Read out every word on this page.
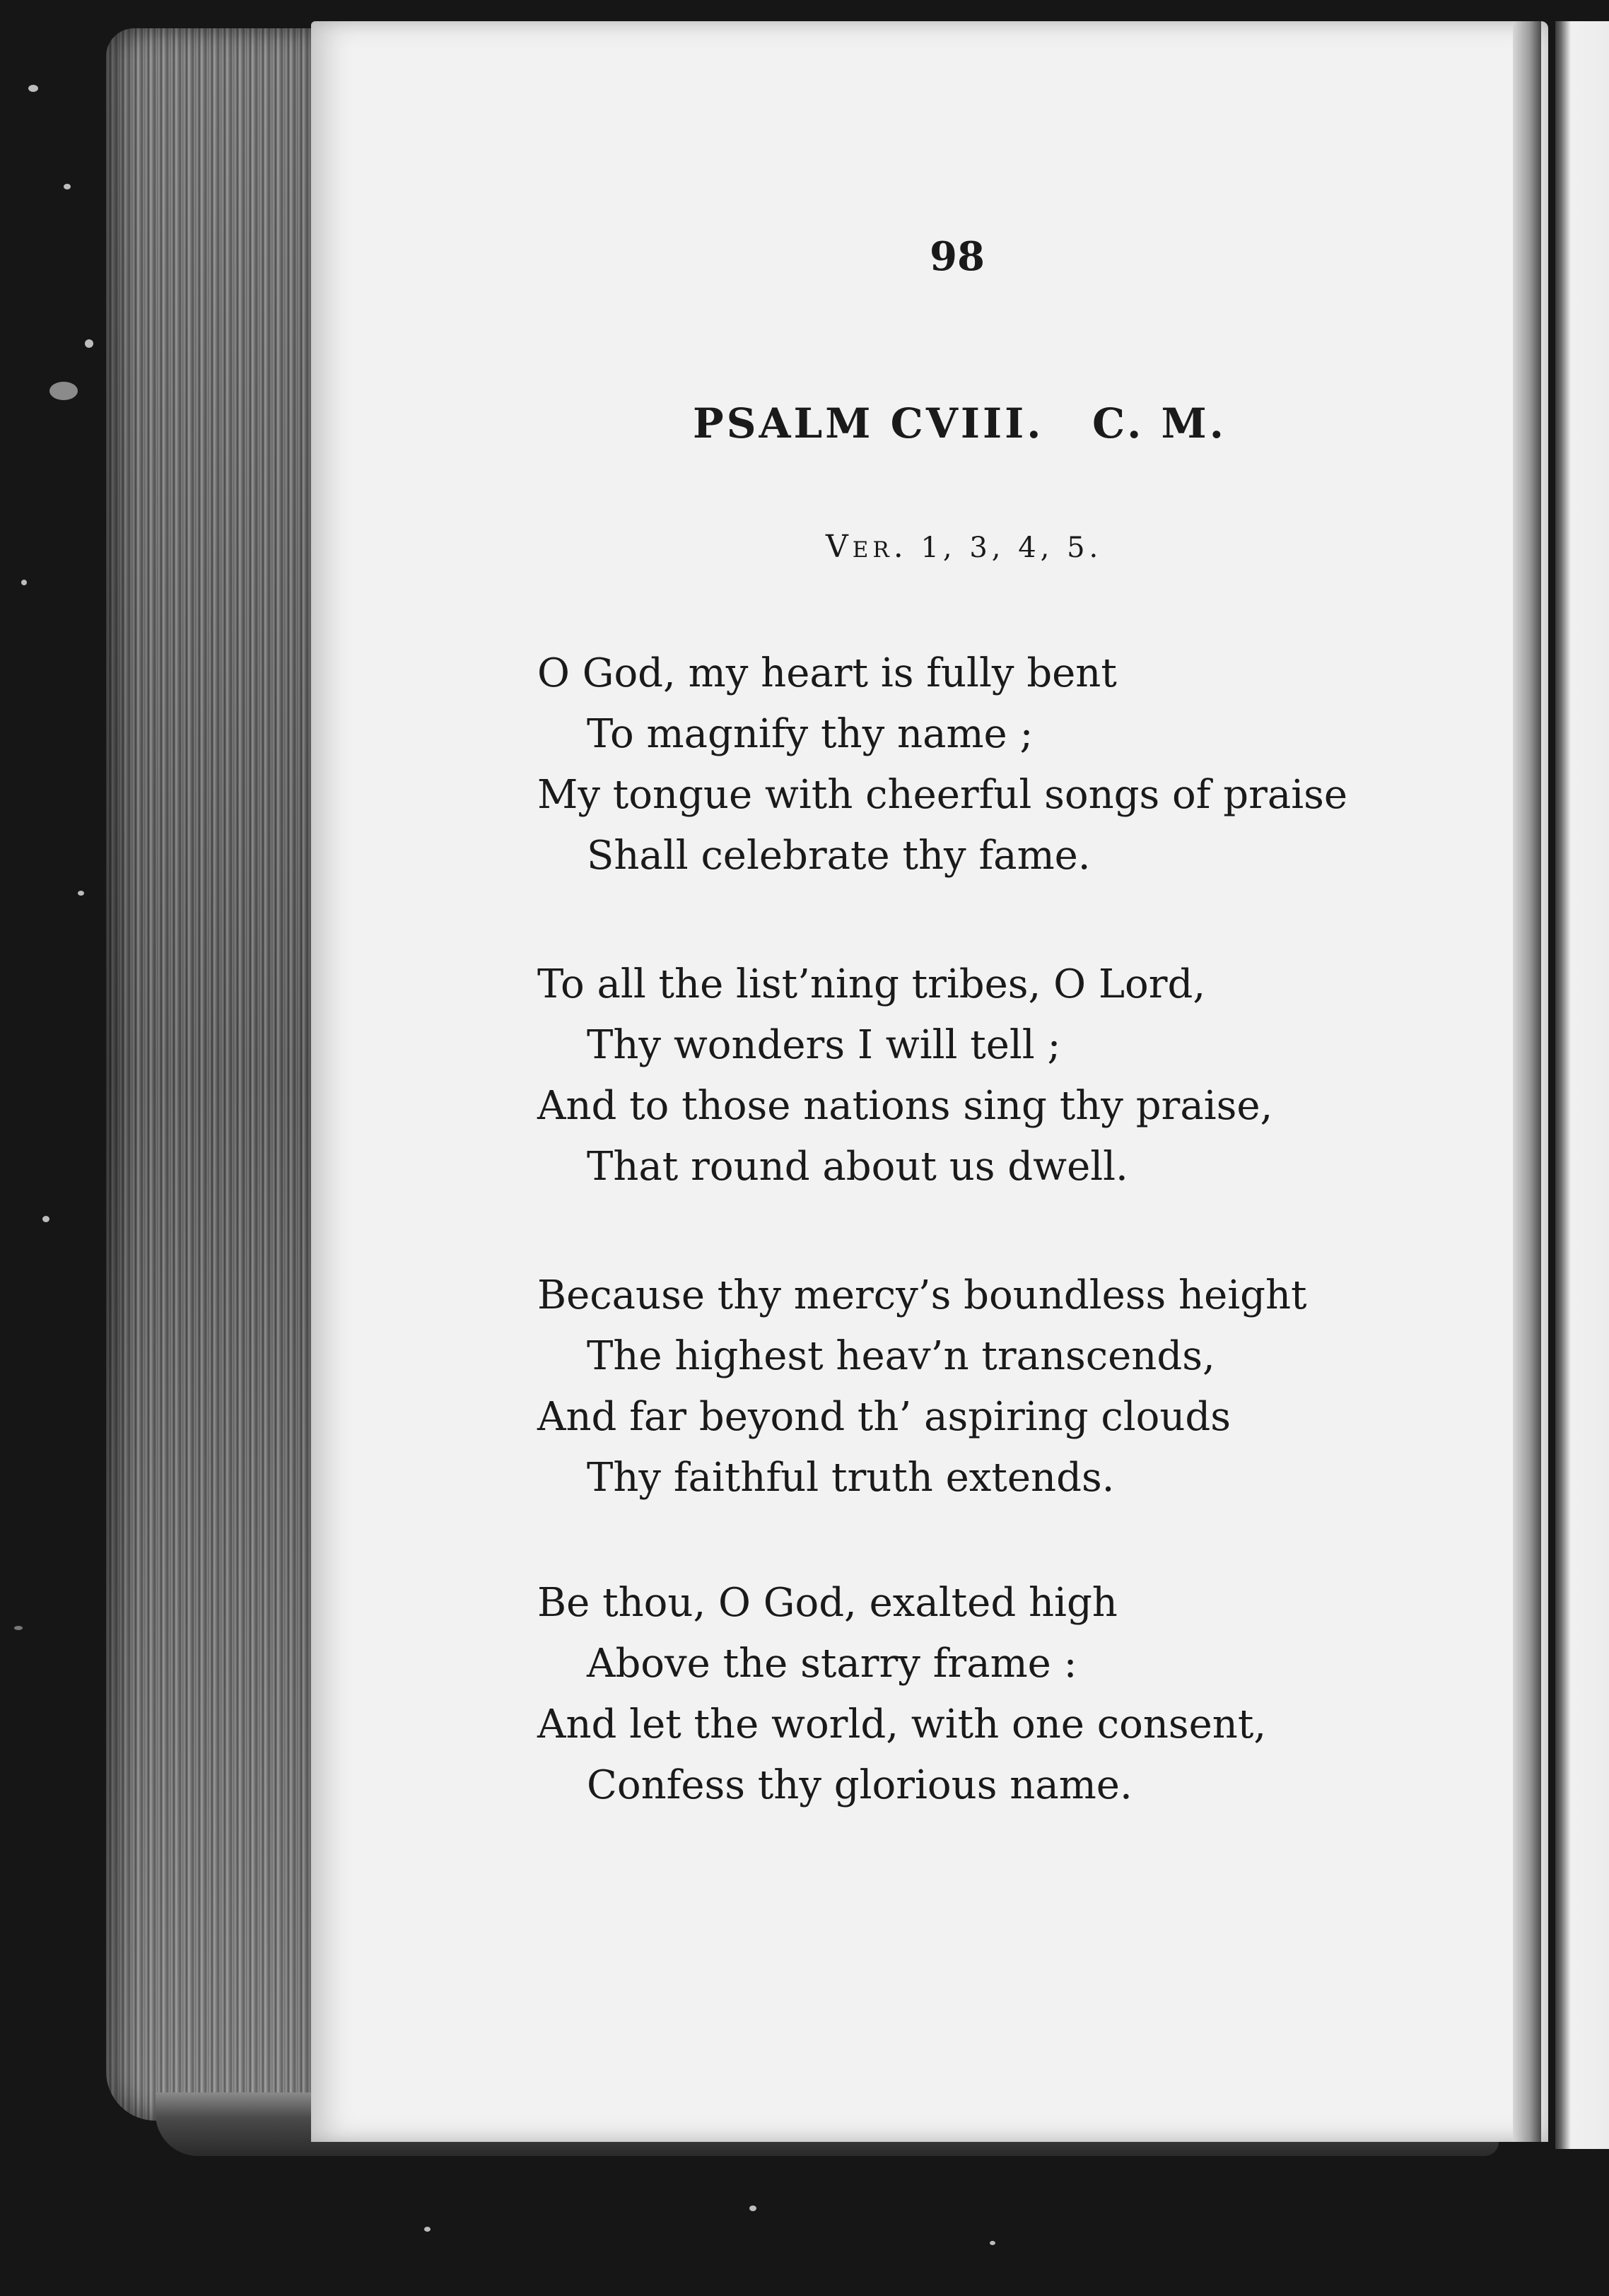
98
PSALM CVIII. C. M.
Ver. 1, 3, 4, 5.
O God, my heart is fully bent
To magnify thy name ;
My tongue with cheerful songs of praise
Shall celebrate thy fame.
To all the list’ning tribes, O Lord,
Thy wonders I will tell ;
And to those nations sing thy praise,
That round about us dwell.
Because thy mercy’s boundless height
The highest heav’n transcends,
And far beyond th’ aspiring clouds
Thy faithful truth extends.
Be thou, O God, exalted high
Above the starry frame :
And let the world, with one consent,
Confess thy glorious name.
